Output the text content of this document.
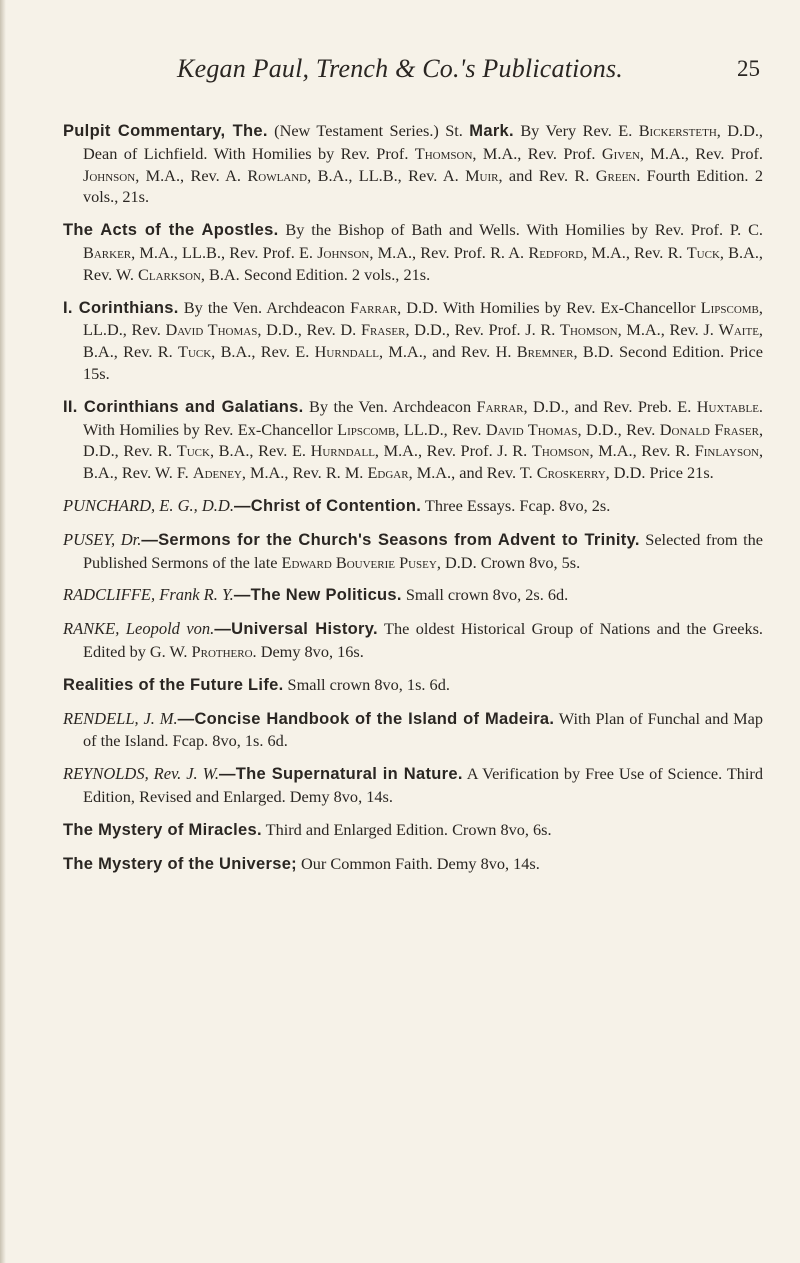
Kegan Paul, Trench & Co.'s Publications.	25

Pulpit Commentary, The. (New Testament Series.) St. Mark. By Very Rev. E. Bickersteth, D.D., Dean of Lichfield. With Homilies by Rev. Prof. Thomson, M.A., Rev. Prof. Given, M.A., Rev. Prof. Johnson, M.A., Rev. A. Rowland, B.A., LL.B., Rev. A. Muir, and Rev. R. Green. Fourth Edition. 2 vols., 21s.

The Acts of the Apostles. By the Bishop of Bath and Wells. With Homilies by Rev. Prof. P. C. Barker, M.A., LL.B., Rev. Prof. E. Johnson, M.A., Rev. Prof. R. A. Redford, M.A., Rev. R. Tuck, B.A., Rev. W. Clarkson, B.A. Second Edition. 2 vols., 21s.

I. Corinthians. By the Ven. Archdeacon Farrar, D.D. With Homilies by Rev. Ex-Chancellor Lipscomb, LL.D., Rev. David Thomas, D.D., Rev. D. Fraser, D.D., Rev. Prof. J. R. Thomson, M.A., Rev. J. Waite, B.A., Rev. R. Tuck, B.A., Rev. E. Hurndall, M.A., and Rev. H. Bremner, B.D. Second Edition. Price 15s.

II. Corinthians and Galatians. By the Ven. Archdeacon Farrar, D.D., and Rev. Preb. E. Huxtable. With Homilies by Rev. Ex-Chancellor Lipscomb, LL.D., Rev. David Thomas, D.D., Rev. Donald Fraser, D.D., Rev. R. Tuck, B.A., Rev. E. Hurndall, M.A., Rev. Prof. J. R. Thomson, M.A., Rev. R. Finlayson, B.A., Rev. W. F. Adeney, M.A., Rev. R. M. Edgar, M.A., and Rev. T. Croskerry, D.D. Price 21s.

PUNCHARD, E. G., D.D.—Christ of Contention. Three Essays. Fcap. 8vo, 2s.

PUSEY, Dr.—Sermons for the Church's Seasons from Advent to Trinity. Selected from the Published Sermons of the late Edward Bouverie Pusey, D.D. Crown 8vo, 5s.

RADCLIFFE, Frank R. Y.—The New Politicus. Small crown 8vo, 2s. 6d.

RANKE, Leopold von.—Universal History. The oldest Historical Group of Nations and the Greeks. Edited by G. W. Prothero. Demy 8vo, 16s.

Realities of the Future Life. Small crown 8vo, 1s. 6d.

RENDELL, J. M.—Concise Handbook of the Island of Madeira. With Plan of Funchal and Map of the Island. Fcap. 8vo, 1s. 6d.

REYNOLDS, Rev. J. W.—The Supernatural in Nature. A Verification by Free Use of Science. Third Edition, Revised and Enlarged. Demy 8vo, 14s.

The Mystery of Miracles. Third and Enlarged Edition. Crown 8vo, 6s.

The Mystery of the Universe; Our Common Faith. Demy 8vo, 14s.
